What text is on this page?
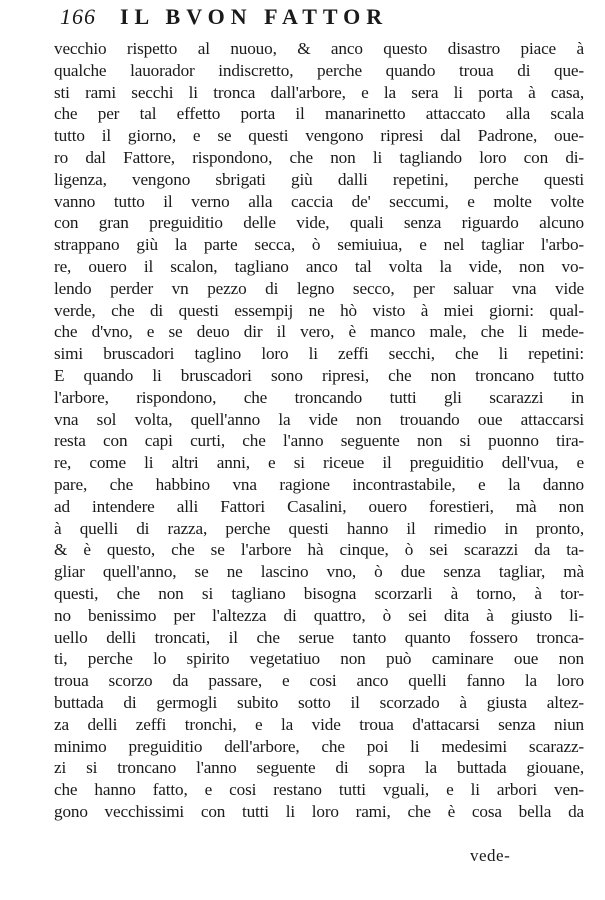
166 IL BVON FATTOR
vecchio rispetto al nuouo, & anco questo disastro piace à
qualche lauorador indiscretto, perche quando troua di que-
sti rami secchi li tronca dall'arbore, e la sera li porta à casa,
che per tal effetto porta il manarinetto attaccato alla scala
tutto il giorno, e se questi vengono ripresi dal Padrone, oue-
ro dal Fattore, rispondono, che non li tagliando loro con di-
ligenza, vengono sbrigati giù dalli repetini, perche questi
vanno tutto il verno alla caccia de' seccumi, e molte volte
con gran preguiditio delle vide, quali senza riguardo alcuno
strappano giù la parte secca, ò semiuiua, e nel tagliar l'arbo-
re, ouero il scalon, tagliano anco tal volta la vide, non vo-
lendo perder vn pezzo di legno secco, per saluar vna vide
verde, che di questi essempij ne hò visto à miei giorni: qual-
che d'vno, e se deuo dir il vero, è manco male, che li mede-
simi bruscadori taglino loro li zeffi secchi, che li repetini:
E quando li bruscadori sono ripresi, che non troncano tutto
l'arbore, rispondono, che troncando tutti gli scarazzi in
vna sol volta, quell'anno la vide non trouando oue attaccarsi
resta con capi curti, che l'anno seguente non si puonno tira-
re, come li altri anni, e si riceue il preguiditio dell'vua, e
pare, che habbino vna ragione incontrastabile, e la danno
ad intendere alli Fattori Casalini, ouero forestieri, mà non
à quelli di razza, perche questi hanno il rimedio in pronto,
& è questo, che se l'arbore hà cinque, ò sei scarazzi da ta-
gliar quell'anno, se ne lascino vno, ò due senza tagliar, mà
questi, che non si tagliano bisogna scorzarli à torno, à tor-
no benissimo per l'altezza di quattro, ò sei dita à giusto li-
uello delli troncati, il che serue tanto quanto fossero tronca-
ti, perche lo spirito vegetatiuo non può caminare oue non
troua scorzo da passare, e cosi anco quelli fanno la loro
buttada di germogli subito sotto il scorzado à giusta altez-
za delli zeffi tronchi, e la vide troua d'attacarsi senza niun
minimo preguiditio dell'arbore, che poi li medesimi scarazz-
zi si troncano l'anno seguente di sopra la buttada giouane,
che hanno fatto, e cosi restano tutti vguali, e li arbori ven-
gono vecchissimi con tutti li loro rami, che è cosa bella da
vede-
